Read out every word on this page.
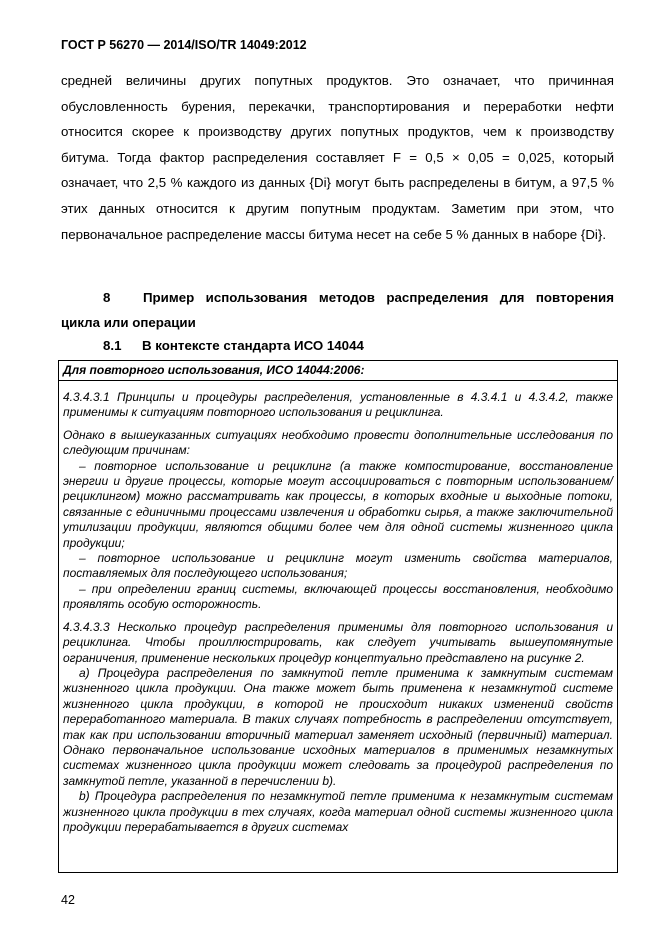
ГОСТ Р 56270 — 2014/ISO/TR 14049:2012

средней величины других попутных продуктов. Это означает, что причинная обусловленность бурения, перекачки, транспортирования и переработки нефти относится скорее к производству других попутных продуктов, чем к производству битума. Тогда фактор распределения составляет F = 0,5 × 0,05 = 0,025, который означает, что 2,5 % каждого из данных {Di} могут быть распределены в битум, а 97,5 % этих данных относится к другим попутным продуктам. Заметим при этом, что первоначальное распределение массы битума несет на себе 5 % данных в наборе {Di}.

8 Пример использования методов распределения для повторения цикла или операции
8.1 В контексте стандарта ИСО 14044
Для повторного использования, ИСО 14044:2006:

4.3.4.3.1 Принципы и процедуры распределения, установленные в 4.3.4.1 и 4.3.4.2, также применимы к ситуациям повторного использования и рециклинга.

Однако в вышеуказанных ситуациях необходимо провести дополнительные исследования по следующим причинам:

– повторное использование и рециклинг (а также компостирование, восстановление энергии и другие процессы, которые могут ассоциироваться с повторным использованием/рециклингом) можно рассматривать как процессы, в которых входные и выходные потоки, связанные с единичными процессами извлечения и обработки сырья, а также заключительной утилизации продукции, являются общими более чем для одной системы жизненного цикла продукции;

– повторное использование и рециклинг могут изменить свойства материалов, поставляемых для последующего использования;

– при определении границ системы, включающей процессы восстановления, необходимо проявлять особую осторожность.

4.3.4.3.3 Несколько процедур распределения применимы для повторного использования и рециклинга. Чтобы проиллюстрировать, как следует учитывать вышеупомянутые ограничения, применение нескольких процедур концептуально представлено на рисунке 2.

а) Процедура распределения по замкнутой петле применима к замкнутым системам жизненного цикла продукции. Она также может быть применена к незамкнутой системе жизненного цикла продукции, в которой не происходит никаких изменений свойств переработанного материала. В таких случаях потребность в распределении отсутствует, так как при использовании вторичный материал заменяет исходный (первичный) материал. Однако первоначальное использование исходных материалов в применимых незамкнутых системах жизненного цикла продукции может следовать за процедурой распределения по замкнутой петле, указанной в перечислении b).

b) Процедура распределения по незамкнутой петле применима к незамкнутым системам жизненного цикла продукции в тех случаях, когда материал одной системы жизненного цикла продукции перерабатывается в других системах

42
